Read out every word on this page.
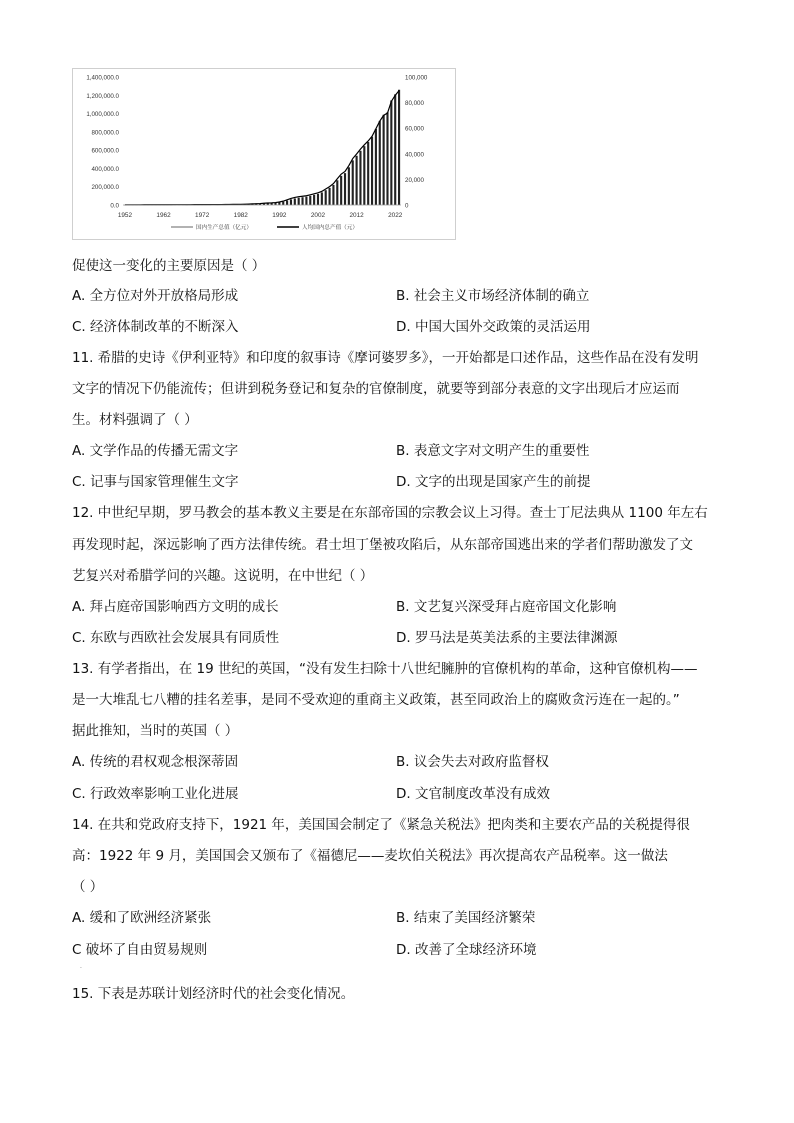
0.0
200,000.0
400,000.0
600,000.0
800,000.0
1,000,000.0
1,200,000.0
1,400,000.0
0
20,000
40,000
60,000
80,000
100,000
1952	1962	1972	1982	1992	2002	2012	2022
国内生产总值（亿元）	人均国内总产值（元）
促使这一变化的主要原因是（ ）
A. 全方位对外开放格局形成	B. 社会主义市场经济体制的确立
C. 经济体制改革的不断深入	D. 中国大国外交政策的灵活运用
11. 希腊的史诗《伊利亚特》和印度的叙事诗《摩诃婆罗多》，一开始都是口述作品，这些作品在没有发明
文字的情况下仍能流传；但讲到税务登记和复杂的官僚制度，就要等到部分表意的文字出现后才应运而
生。材料强调了（ ）
A. 文学作品的传播无需文字	B. 表意文字对文明产生的重要性
C. 记事与国家管理催生文字	D. 文字的出现是国家产生的前提
12. 中世纪早期，罗马教会的基本教义主要是在东部帝国的宗教会议上习得。查士丁尼法典从 1100 年左右
再发现时起，深远影响了西方法律传统。君士坦丁堡被攻陷后，从东部帝国逃出来的学者们帮助激发了文
艺复兴对希腊学问的兴趣。这说明，在中世纪（ ）
A. 拜占庭帝国影响西方文明的成长	B. 文艺复兴深受拜占庭帝国文化影响
C. 东欧与西欧社会发展具有同质性	D. 罗马法是英美法系的主要法律渊源
13. 有学者指出，在 19 世纪的英国，“没有发生扫除十八世纪臃肿的官僚机构的革命，这种官僚机构——
是一大堆乱七八糟的挂名差事，是同不受欢迎的重商主义政策，甚至同政治上的腐败贪污连在一起的。”
据此推知，当时的英国（ ）
A. 传统的君权观念根深蒂固	B. 议会失去对政府监督权
C. 行政效率影响工业化进展	D. 文官制度改革没有成效
14. 在共和党政府支持下，1921 年，美国国会制定了《紧急关税法》把肉类和主要农产品的关税提得很
高：1922 年 9 月，美国国会又颁布了《福德尼——麦坎伯关税法》再次提高农产品税率。这一做法
（ ）
A. 缓和了欧洲经济紧张	B. 结束了美国经济繁荣
C 破坏了自由贸易规则	D. 改善了全球经济环境
.
15. 下表是苏联计划经济时代的社会变化情况。
